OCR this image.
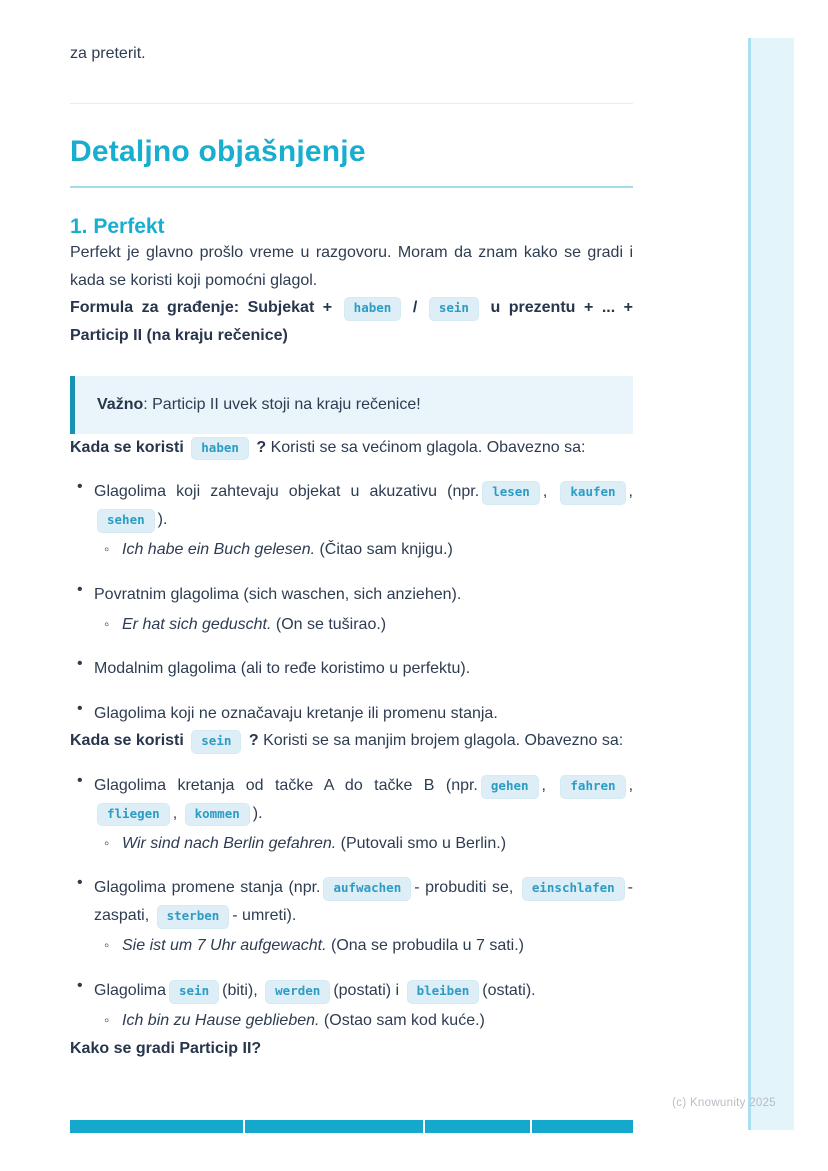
za preterit.

Detaljno objašnjenje
1. Perfekt

Perfekt je glavno prošlo vreme u razgovoru. Moram da znam kako se gradi i kada se koristi koji pomoćni glagol.

Formula za građenje: Subjekat + haben / sein u prezentu + ... + Particip II (na kraju rečenice)

Važno: Particip II uvek stoji na kraju rečenice!

Kada se koristi haben ? Koristi se sa većinom glagola. Obavezno sa:

• Glagolima koji zahtevaju objekat u akuzativu (npr. lesen , kaufen , sehen ).

◦ Ich habe ein Buch gelesen. (Čitao sam knjigu.)

• Povratnim glagolima (sich waschen, sich anziehen).

◦ Er hat sich geduscht. (On se tuširao.)

• Modalnim glagolima (ali to ređe koristimo u perfektu).

• Glagolima koji ne označavaju kretanje ili promenu stanja.

Kada se koristi sein ? Koristi se sa manjim brojem glagola. Obavezno sa:

• Glagolima kretanja od tačke A do tačke B (npr. gehen , fahren , fliegen , kommen ).

◦ Wir sind nach Berlin gefahren. (Putovali smo u Berlin.)

• Glagolima promene stanja (npr. aufwachen - probuditi se, einschlafen - zaspati, sterben - umreti).

◦ Sie ist um 7 Uhr aufgewacht. (Ona se probudila u 7 sati.)

• Glagolima sein (biti), werden (postati) i bleiben (ostati).

◦ Ich bin zu Hause geblieben. (Ostao sam kod kuće.)

Kako se gradi Particip II?

(c) Knowunity 2025
